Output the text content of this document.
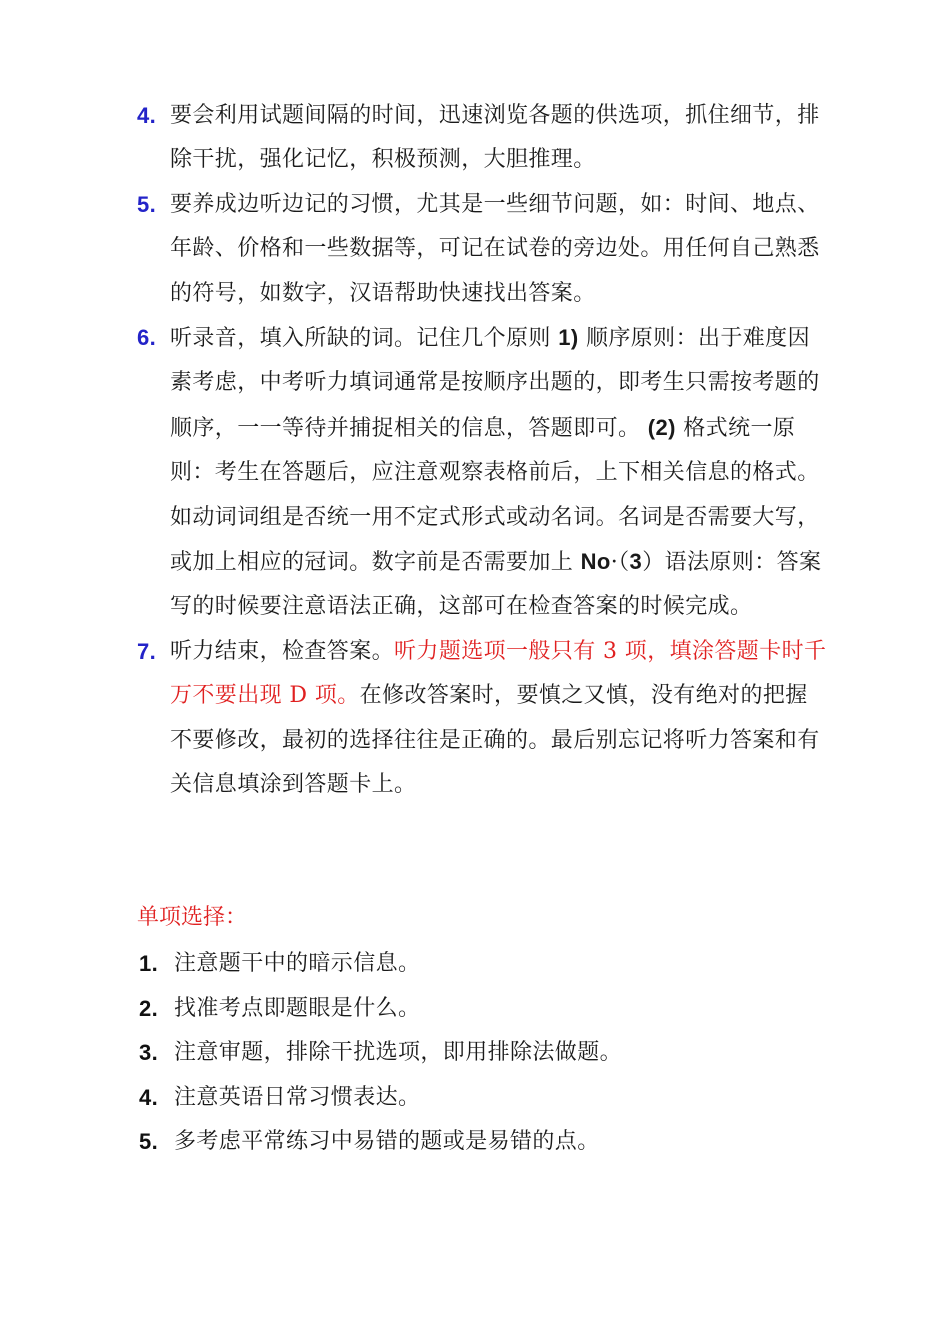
4. 要会利用试题间隔的时间，迅速浏览各题的供选项，抓住细节，排除干扰，强化记忆，积极预测，大胆推理。
5. 要养成边听边记的习惯，尤其是一些细节问题，如：时间、地点、年龄、价格和一些数据等，可记在试卷的旁边处。用任何自己熟悉的符号，如数字，汉语帮助快速找出答案。
6. 听录音，填入所缺的词。记住几个原则 1) 顺序原则：出于难度因素考虑，中考听力填词通常是按顺序出题的，即考生只需按考题的顺序，一一等待并捕捉相关的信息，答题即可。 (2) 格式统一原则：考生在答题后，应注意观察表格前后，上下相关信息的格式。如动词词组是否统一用不定式形式或动名词。名词是否需要大写，或加上相应的冠词。数字前是否需要加上 No·（3）语法原则：答案写的时候要注意语法正确，这部可在检查答案的时候完成。
7. 听力结束，检查答案。听力题选项一般只有 3 项，填涂答题卡时千万不要出现 D 项。在修改答案时，要慎之又慎，没有绝对的把握不要修改，最初的选择往往是正确的。最后别忘记将听力答案和有关信息填涂到答题卡上。
单项选择：
1. 注意题干中的暗示信息。
2. 找准考点即题眼是什么。
3. 注意审题，排除干扰选项，即用排除法做题。
4. 注意英语日常习惯表达。
5. 多考虑平常练习中易错的题或是易错的点。
